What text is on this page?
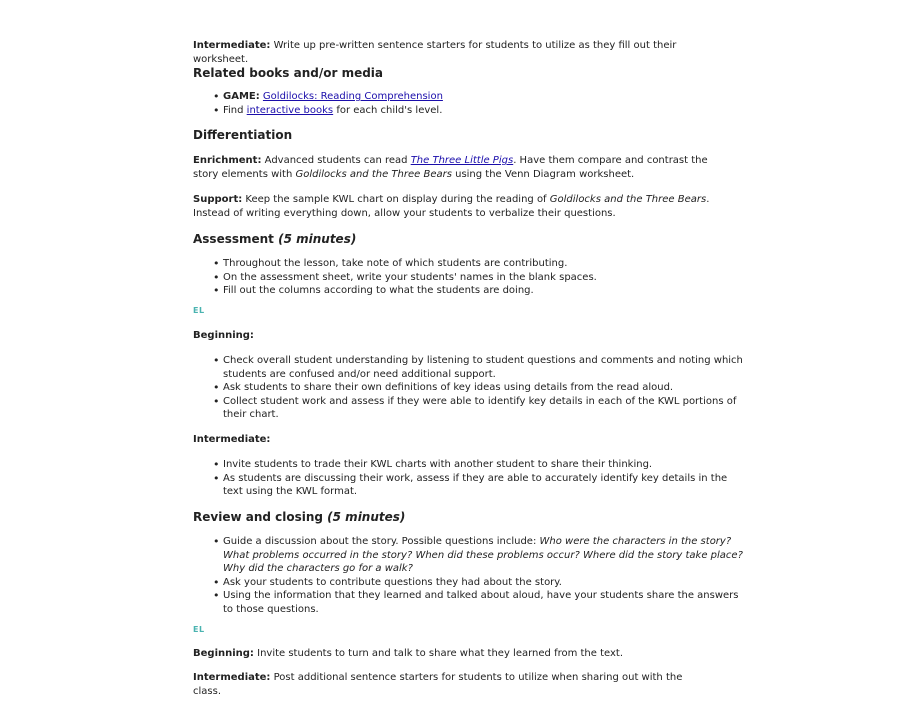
Intermediate: Write up pre-written sentence starters for students to utilize as they fill out their worksheet.

Related books and/or media
• GAME: Goldilocks: Reading Comprehension
• Find interactive books for each child's level.
Differentiation

Enrichment: Advanced students can read The Three Little Pigs. Have them compare and contrast the story elements with Goldilocks and the Three Bears using the Venn Diagram worksheet.

Support: Keep the sample KWL chart on display during the reading of Goldilocks and the Three Bears. Instead of writing everything down, allow your students to verbalize their questions.

Assessment (5 minutes)
• Throughout the lesson, take note of which students are contributing.
• On the assessment sheet, write your students' names in the blank spaces.
• Fill out the columns according to what the students are doing.

EL

Beginning:

• Check overall student understanding by listening to student questions and comments and noting which students are confused and/or need additional support.
• Ask students to share their own definitions of key ideas using details from the read aloud.
• Collect student work and assess if they were able to identify key details in each of the KWL portions of their chart.

Intermediate:

• Invite students to trade their KWL charts with another student to share their thinking.
• As students are discussing their work, assess if they are able to accurately identify key details in the text using the KWL format.
Review and closing (5 minutes)
• Guide a discussion about the story. Possible questions include: Who were the characters in the story? What problems occurred in the story? When did these problems occur? Where did the story take place? Why did the characters go for a walk?
• Ask your students to contribute questions they had about the story.
• Using the information that they learned and talked about aloud, have your students share the answers to those questions.

EL

Beginning: Invite students to turn and talk to share what they learned from the text.

Intermediate: Post additional sentence starters for students to utilize when sharing out with the class.
